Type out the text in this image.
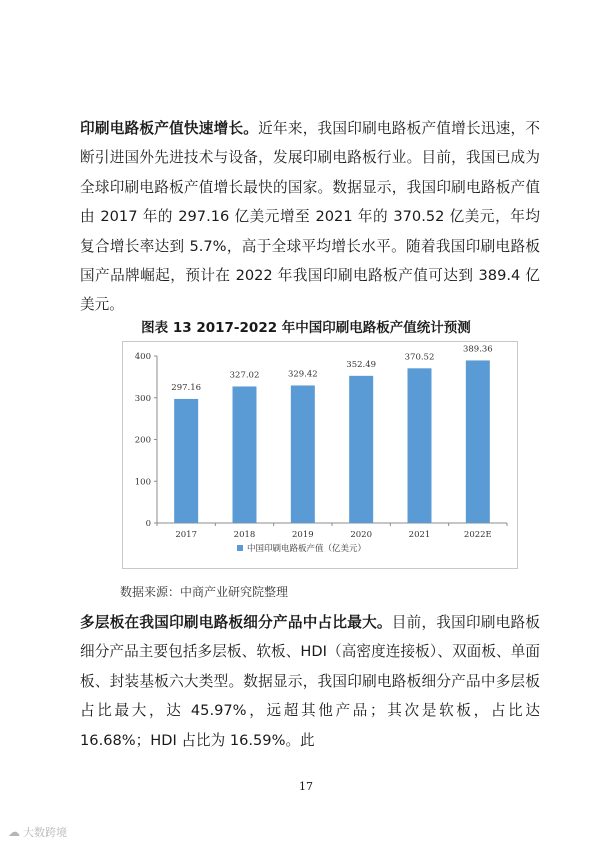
印刷电路板产值快速增长。近年来，我国印刷电路板产值增长迅速，不断引进国外先进技术与设备，发展印刷电路板行业。目前，我国已成为全球印刷电路板产值增长最快的国家。数据显示，我国印刷电路板产值由 2017 年的 297.16 亿美元增至 2021 年的 370.52 亿美元，年均复合增长率达到 5.7%，高于全球平均增长水平。随着我国印刷电路板国产品牌崛起，预计在 2022 年我国印刷电路板产值可达到 389.4 亿美元。

图表 13 2017-2022 年中国印刷电路板产值统计预测

0
100
200
300
400
2017	2018	2019	2020	2021	2022E
297.16
327.02	329.42
352.49
370.52
389.36
中国印刷电路板产值（亿美元）
数据来源：中商产业研究院整理

多层板在我国印刷电路板细分产品中占比最大。目前，我国印刷电路板细分产品主要包括多层板、软板、HDI（高密度连接板）、双面板、单面板、封装基板六大类型。数据显示，我国印刷电路板细分产品中多层板占比最大，达 45.97%，远超其他产品；其次是软板，占比达 16.68%；HDI 占比为 16.59%。此

17
☁ 大数跨境
